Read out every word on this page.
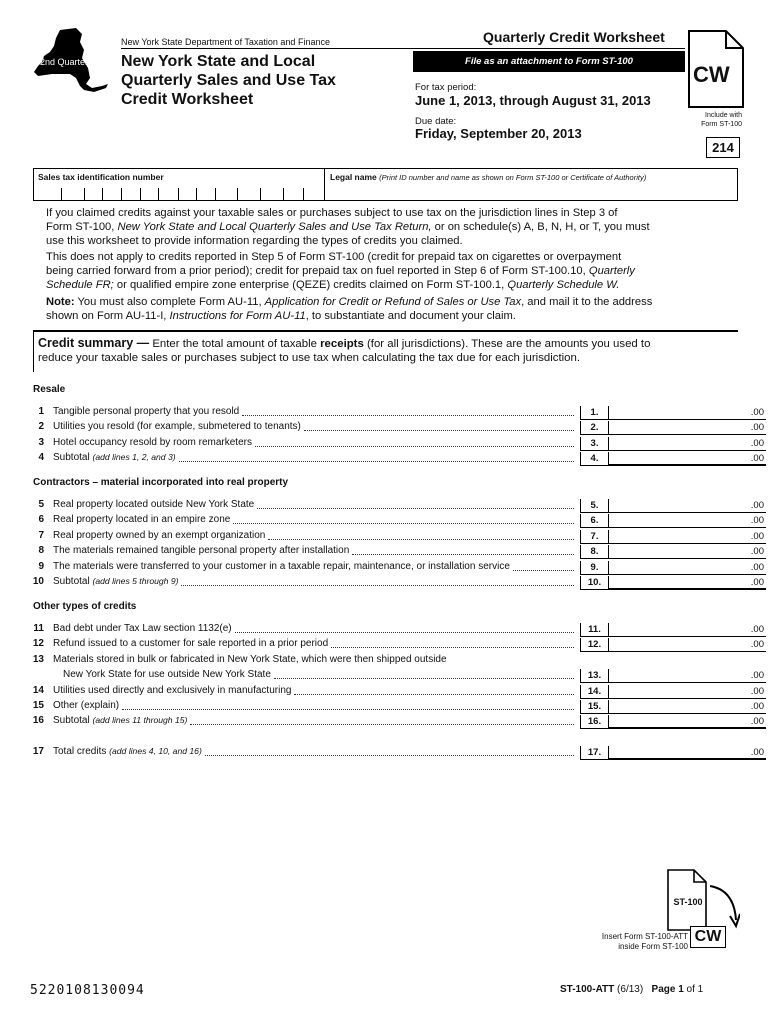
2nd Quarter
New York State Department of Taxation and Finance
New York State and Local
Quarterly Sales and Use Tax
Credit Worksheet
Quarterly Credit Worksheet
File as an attachment to Form ST-100
For tax period:
June 1, 2013, through August 31, 2013
Due date:
Friday, September 20, 2013
CW
Include with
Form ST-100
214
Sales tax identification number	Legal name (Print ID number and name as shown on Form ST-100 or Certificate of Authority)
If you claimed credits against your taxable sales or purchases subject to use tax on the jurisdiction lines in Step 3 of
Form ST-100, New York State and Local Quarterly Sales and Use Tax Return, or on schedule(s) A, B, N, H, or T, you must
use this worksheet to provide information regarding the types of credits you claimed.
This does not apply to credits reported in Step 5 of Form ST-100 (credit for prepaid tax on cigarettes or overpayment
being carried forward from a prior period); credit for prepaid tax on fuel reported in Step 6 of Form ST-100.10, Quarterly
Schedule FR; or qualified empire zone enterprise (QEZE) credits claimed on Form ST-100.1, Quarterly Schedule W.
Note: You must also complete Form AU-11, Application for Credit or Refund of Sales or Use Tax, and mail it to the address
shown on Form AU-11-I, Instructions for Form AU-11, to substantiate and document your claim.
Credit summary — Enter the total amount of taxable receipts (for all jurisdictions). These are the amounts you used to
reduce your taxable sales or purchases subject to use tax when calculating the tax due for each jurisdiction.
Resale
Contractors – material incorporated into real property
Other types of credits
1 Tangible personal property that you resold	1.	.00
2 Utilities you resold (for example, submetered to tenants)	2.	.00
3 Hotel occupancy resold by room remarketers	3.	.00
4 Subtotal (add lines 1, 2, and 3)	4.	.00
5 Real property located outside New York State	5.	.00
6 Real property located in an empire zone	6.	.00
7 Real property owned by an exempt organization	7.	.00
8 The materials remained tangible personal property after installation	8.	.00
9 The materials were transferred to your customer in a taxable repair, maintenance, or installation service	9.	.00
10 Subtotal (add lines 5 through 9)	10.	.00
11 Bad debt under Tax Law section 1132(e)	11.	.00
12 Refund issued to a customer for sale reported in a prior period	12.	.00
Materials stored in bulk or fabricated in New York State, which were then shipped outside
13
New York State for use outside New York State	13.	.00
14 Utilities used directly and exclusively in manufacturing	14.	.00
15 Other (explain)	15.	.00
16 Subtotal (add lines 11 through 15)	16.	.00
17 Total credits (add lines 4, 10, and 16)	17.	.00
ST-100
Insert Form ST-100-ATT
inside Form ST-100
CW
5220108130094	ST-100-ATT (6/13) Page 1 of 1
